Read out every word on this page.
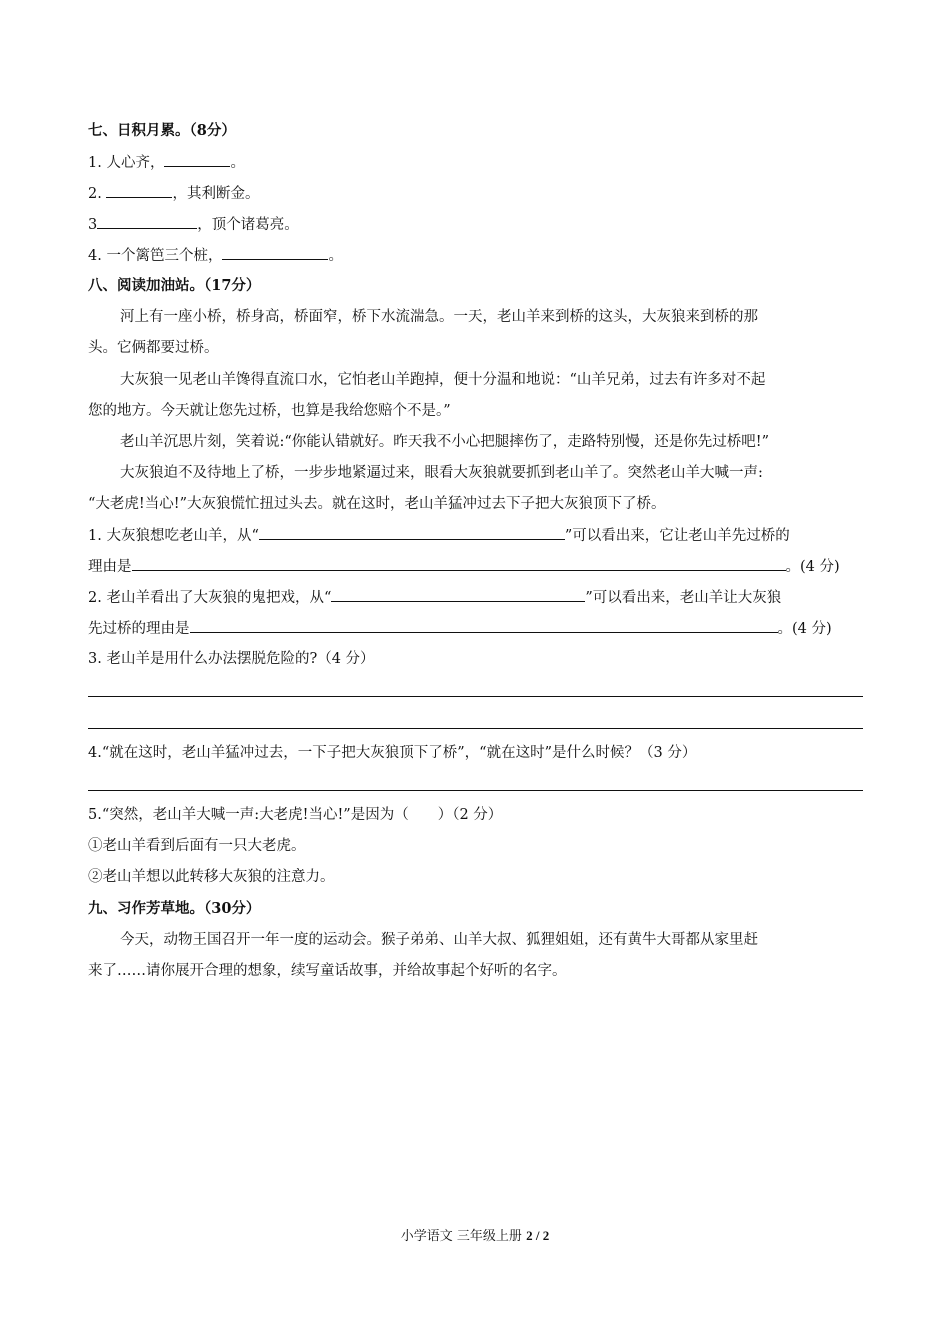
七、日积月累。（8分）
1. 人心齐，	。
2.	，其利断金。
3	，顶个诸葛亮。
4. 一个篱笆三个桩，	。
八、阅读加油站。（17分）
河上有一座小桥，桥身高，桥面窄，桥下水流湍急。一天，老山羊来到桥的这头，大灰狼来到桥的那
头。它俩都要过桥。
大灰狼一见老山羊馋得直流口水，它怕老山羊跑掉，便十分温和地说：“山羊兄弟，过去有许多对不起
您的地方。今天就让您先过桥，也算是我给您赔个不是。”
老山羊沉思片刻，笑着说:“你能认错就好。昨天我不小心把腿摔伤了，走路特别慢，还是你先过桥吧!”
大灰狼迫不及待地上了桥，一步步地紧逼过来，眼看大灰狼就要抓到老山羊了。突然老山羊大喊一声:
“大老虎!当心!”大灰狼慌忙扭过头去。就在这时，老山羊猛冲过去下子把大灰狼顶下了桥。
1. 大灰狼想吃老山羊，从“	”可以看出来，它让老山羊先过桥的
理由是	。(4 分)
2. 老山羊看出了大灰狼的鬼把戏，从“	”可以看出来，老山羊让大灰狼
先过桥的理由是	。(4 分)
3. 老山羊是用什么办法摆脱危险的?（4 分）
4.“就在这时，老山羊猛冲过去，一下子把大灰狼顶下了桥”，“就在这时”是什么时候？（3 分）
5.“突然，老山羊大喊一声:大老虎!当心!”是因为（　　）（2 分）
①老山羊看到后面有一只大老虎。
②老山羊想以此转移大灰狼的注意力。
九、习作芳草地。（30分）
今天，动物王国召开一年一度的运动会。猴子弟弟、山羊大叔、狐狸姐姐，还有黄牛大哥都从家里赶
来了……请你展开合理的想象，续写童话故事，并给故事起个好听的名字。
小学语文 三年级上册 2 / 2
